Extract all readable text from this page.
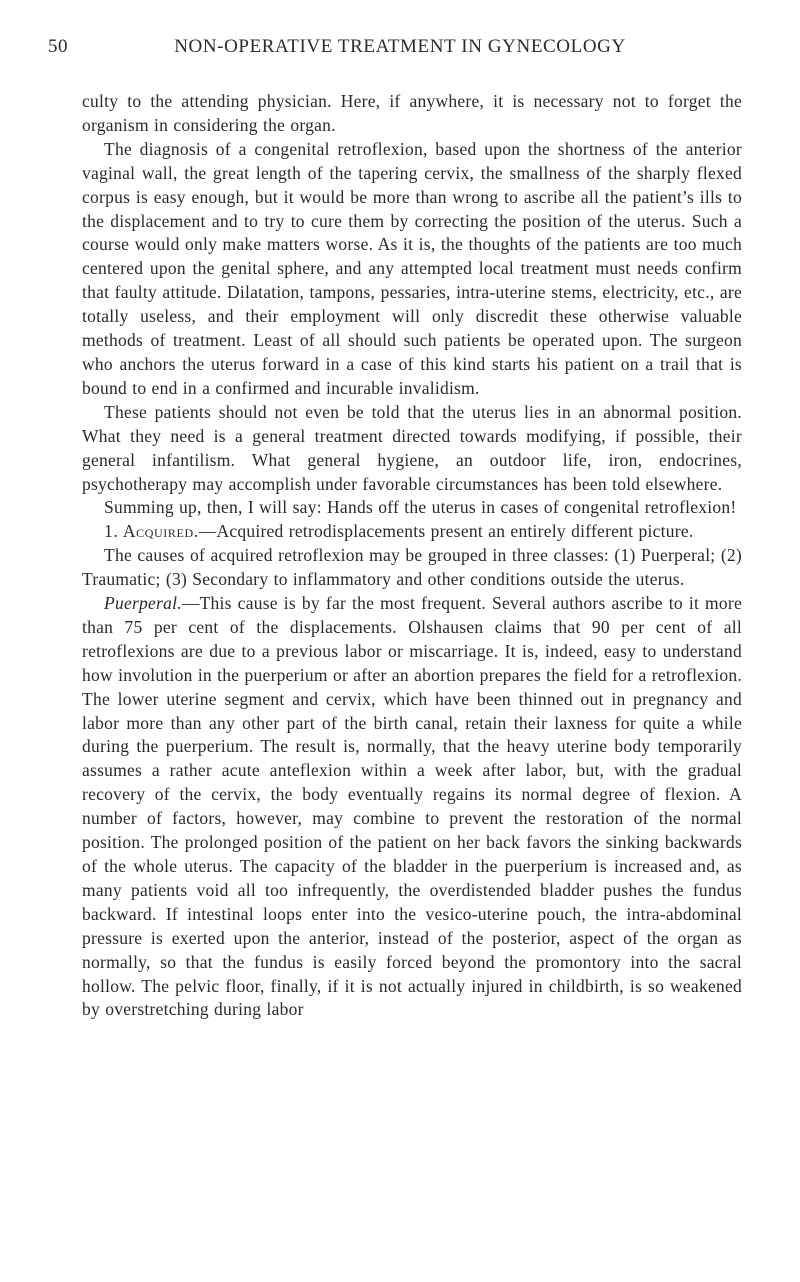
50	NON-OPERATIVE TREATMENT IN GYNECOLOGY

culty to the attending physician. Here, if anywhere, it is necessary not to forget the organism in considering the organ.

The diagnosis of a congenital retroflexion, based upon the shortness of the anterior vaginal wall, the great length of the tapering cervix, the smallness of the sharply flexed corpus is easy enough, but it would be more than wrong to ascribe all the patient’s ills to the displacement and to try to cure them by correcting the position of the uterus. Such a course would only make matters worse. As it is, the thoughts of the patients are too much centered upon the genital sphere, and any attempted local treatment must needs confirm that faulty attitude. Dilatation, tampons, pessaries, intra-uterine stems, electricity, etc., are totally useless, and their employment will only discredit these otherwise valuable methods of treatment. Least of all should such patients be operated upon. The surgeon who anchors the uterus forward in a case of this kind starts his patient on a trail that is bound to end in a confirmed and incurable invalidism.

These patients should not even be told that the uterus lies in an abnormal position. What they need is a general treatment directed towards modifying, if possible, their general infantilism. What general hygiene, an outdoor life, iron, endocrines, psychotherapy may accomplish under favorable circumstances has been told elsewhere.

Summing up, then, I will say: Hands off the uterus in cases of congenital retroflexion!

1. Acquired.—Acquired retrodisplacements present an entirely different picture.

The causes of acquired retroflexion may be grouped in three classes: (1) Puerperal; (2) Traumatic; (3) Secondary to inflammatory and other conditions outside the uterus.

Puerperal.—This cause is by far the most frequent. Several authors ascribe to it more than 75 per cent of the displacements. Olshausen claims that 90 per cent of all retroflexions are due to a previous labor or miscarriage. It is, indeed, easy to understand how involution in the puerperium or after an abortion prepares the field for a retroflexion. The lower uterine segment and cervix, which have been thinned out in pregnancy and labor more than any other part of the birth canal, retain their laxness for quite a while during the puerperium. The result is, normally, that the heavy uterine body temporarily assumes a rather acute anteflexion within a week after labor, but, with the gradual recovery of the cervix, the body eventually regains its normal degree of flexion. A number of factors, however, may combine to prevent the restoration of the normal position. The prolonged position of the patient on her back favors the sinking backwards of the whole uterus. The capacity of the bladder in the puerperium is increased and, as many patients void all too infrequently, the overdistended bladder pushes the fundus backward. If intestinal loops enter into the vesico-uterine pouch, the intra-abdominal pressure is exerted upon the anterior, instead of the posterior, aspect of the organ as normally, so that the fundus is easily forced beyond the promontory into the sacral hollow. The pelvic floor, finally, if it is not actually injured in childbirth, is so weakened by overstretching during labor
